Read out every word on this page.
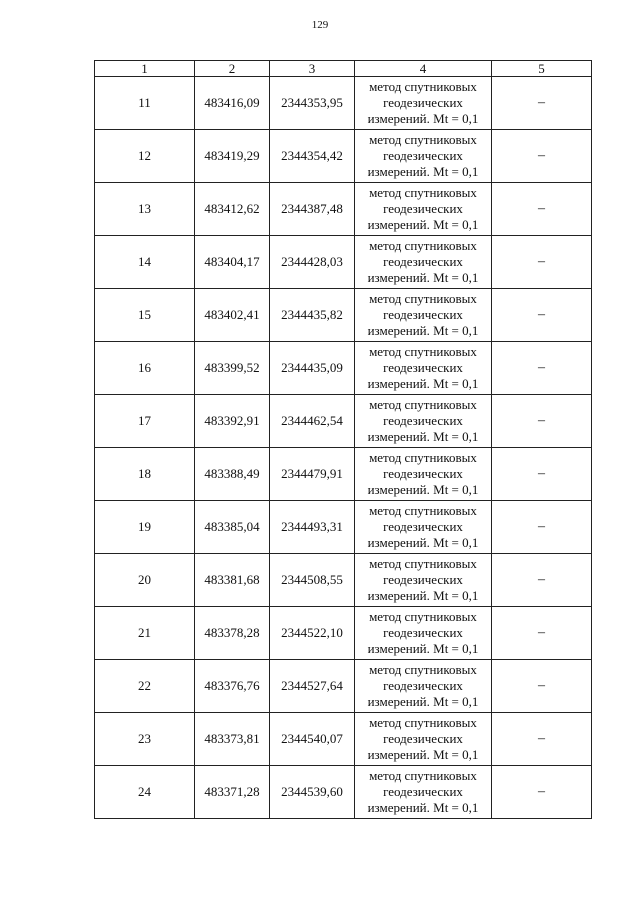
129
1	2	3	4	5
11	483416,09	2344353,95	метод спутниковых
геодезических
измерений. Mt = 0,1	–
12	483419,29	2344354,42	метод спутниковых
геодезических
измерений. Mt = 0,1	–
13	483412,62	2344387,48	метод спутниковых
геодезических
измерений. Mt = 0,1	–
14	483404,17	2344428,03	метод спутниковых
геодезических
измерений. Mt = 0,1	–
15	483402,41	2344435,82	метод спутниковых
геодезических
измерений. Mt = 0,1	–
16	483399,52	2344435,09	метод спутниковых
геодезических
измерений. Mt = 0,1	–
17	483392,91	2344462,54	метод спутниковых
геодезических
измерений. Mt = 0,1	–
18	483388,49	2344479,91	метод спутниковых
геодезических
измерений. Mt = 0,1	–
19	483385,04	2344493,31	метод спутниковых
геодезических
измерений. Mt = 0,1	–
20	483381,68	2344508,55	метод спутниковых
геодезических
измерений. Mt = 0,1	–
21	483378,28	2344522,10	метод спутниковых
геодезических
измерений. Mt = 0,1	–
22	483376,76	2344527,64	метод спутниковых
геодезических
измерений. Mt = 0,1	–
23	483373,81	2344540,07	метод спутниковых
геодезических
измерений. Mt = 0,1	–
24	483371,28	2344539,60	метод спутниковых
геодезических
измерений. Mt = 0,1	–
